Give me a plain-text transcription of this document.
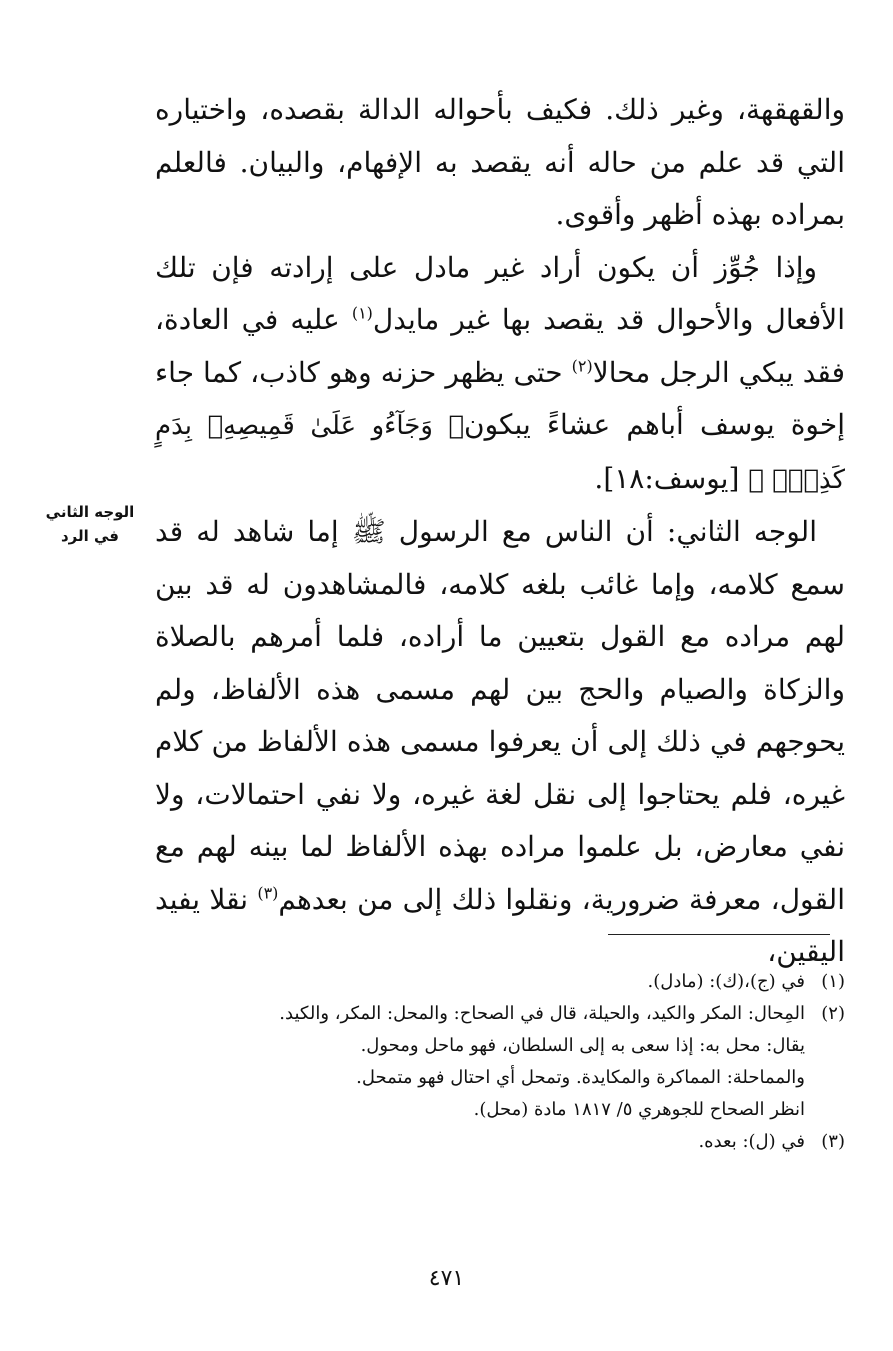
الوجه الثاني
في الرد

والقهقهة، وغير ذلك. فكيف بأحواله الدالة بقصده، واختياره التي قد علم من حاله أنه يقصد به الإفهام، والبيان. فالعلم بمراده بهذه أظهر وأقوى.

وإذا جُوِّز أن يكون أراد غير مادل على إرادته فإن تلك الأفعال والأحوال قد يقصد بها غير مايدل$^{(١)}$ عليه في العادة، فقد يبكي الرجل محالا$^{(٢)}$ حتى يظهر حزنه وهو كاذب، كما جاء إخوة يوسف أباهم عشاءً يبكون﴿ وَجَآءُو عَلَىٰ قَمِيصِهِۦ بِدَمٍ كَذِبٍۚ ﴾ [يوسف:١٨].

الوجه الثاني: أن الناس مع الرسول ﷺ إما شاهد له قد سمع كلامه، وإما غائب بلغه كلامه، فالمشاهدون له قد بين لهم مراده مع القول بتعيين ما أراده، فلما أمرهم بالصلاة والزكاة والصيام والحج بين لهم مسمى هذه الألفاظ، ولم يحوجهم في ذلك إلى أن يعرفوا مسمى هذه الألفاظ من كلام غيره، فلم يحتاجوا إلى نقل لغة غيره، ولا نفي احتمالات، ولا نفي معارض، بل علموا مراده بهذه الألفاظ لما بينه لهم مع القول، معرفة ضرورية، ونقلوا ذلك إلى من بعدهم$^{(٣)}$ نقلا يفيد اليقين،

(١)
في (ج)،(ك): (مادل).
(٢)
المِحال: المكر والكيد، والحيلة، قال في الصحاح: والمحل: المكر، والكيد.
يقال: محل به: إذا سعى به إلى السلطان، فهو ماحل ومحول.
والمماحلة: المماكرة والمكايدة. وتمحل أي احتال فهو متمحل.
انظر الصحاح للجوهري ٥/ ١٨١٧ مادة (محل).
(٣)
في (ل): بعده.
٤٧١
